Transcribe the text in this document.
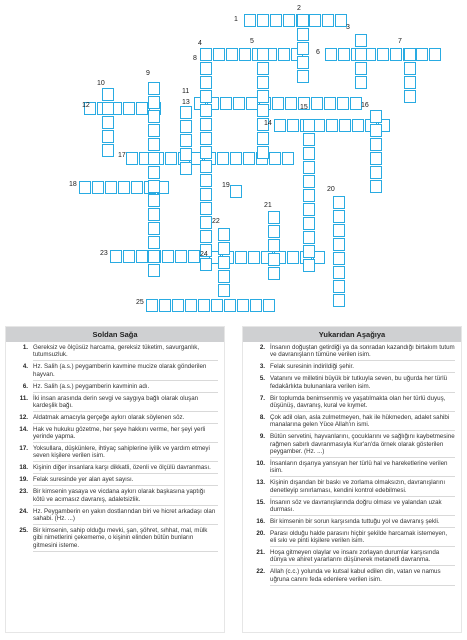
1
2
3
4	5
6
7
8
9
10
11
12	13
14
15	16
17
18	19
20
21
22
23	24
25
Soldan Sağa
1. Gereksiz ve ölçüsüz harcama, gereksiz tüketim, savurganlık, tutumsuzluk.
4. Hz. Salih (a.s.) peygamberin kavmine mucize olarak gönderilen hayvan.
6. Hz. Salih (a.s.) peygamberin kavminin adı.
11. İki insan arasında derin sevgi ve saygıya bağlı olarak oluşan kardeşlik bağı.
12. Aldatmak amacıyla gerçeğe aykırı olarak söylenen söz.
14. Hak ve hukuku gözetme, her şeye hakkını verme, her şeyi yerli yerinde yapma.
17. Yoksullara, düşkünlere, ihtiyaç sahiplerine iyilik ve yardım etmeyi seven kişilere verilen isim.
18. Kişinin diğer insanlara karşı dikkatli, özenli ve ölçülü davranması.
19. Felak suresinde yer alan ayet sayısı.
23. Bir kimsenin yasaya ve vicdana aykırı olarak başkasına yaptığı kötü ve acımasız davranış, adaletsizlik.
24. Hz. Peygamberin en yakın dostlarından biri ve hicret arkadaşı olan sahabi. (Hz. ...)
25. Bir kimsenin, sahip olduğu mevki, şan, şöhret, sıhhat, mal, mülk gibi nimetlerini çekememe, o kişinin elinden bütün bunların gitmesini isteme.
Yukarıdan Aşağıya
2. İnsanın doğuştan getirdiği ya da sonradan kazandığı birtakım tutum ve davranışların tümüne verilen isim.
3. Felak suresinin indirildiği şehir.
5. Vatanını ve milletini büyük bir tutkuyla seven, bu uğurda her türlü fedakârlıkta bulunanlara verilen isim.
7. Bir toplumda benimsenmiş ve yaşatılmakta olan her türlü duyuş, düşünüş, davranış, kural ve kıymet.
8. Çok adil olan, asla zulmetmeyen, hak ile hükmeden, adalet sahibi manalarına gelen Yüce Allah'ın ismi.
9. Bütün servetini, hayvanlarını, çocuklarını ve sağlığını kaybetmesine rağmen sabırlı davranmasıyla Kur'an'da örnek olarak gösterilen peygamber. (Hz. ...)
10. İnsanların dışarıya yansıyan her türlü hal ve hareketlerine verilen isim.
13. Kişinin dışarıdan bir baskı ve zorlama olmaksızın, davranışlarını denetleyip sınırlaması, kendini kontrol edebilmesi.
15. İnsanın söz ve davranışlarında doğru olması ve yalandan uzak durması.
16. Bir kimsenin bir sorun karşısında tuttuğu yol ve davranış şekli.
20. Parası olduğu halde parasını hiçbir şekilde harcamak istemeyen, eli sıkı ve pinti kişilere verilen isim.
21. Hoşa gitmeyen olaylar ve insanı zorlayan durumlar karşısında dünya ve ahiret yararlarını düşünerek metanetli davranma.
22. Allah (c.c.) yolunda ve kutsal kabul edilen din, vatan ve namus uğruna canını feda edenlere verilen isim.
